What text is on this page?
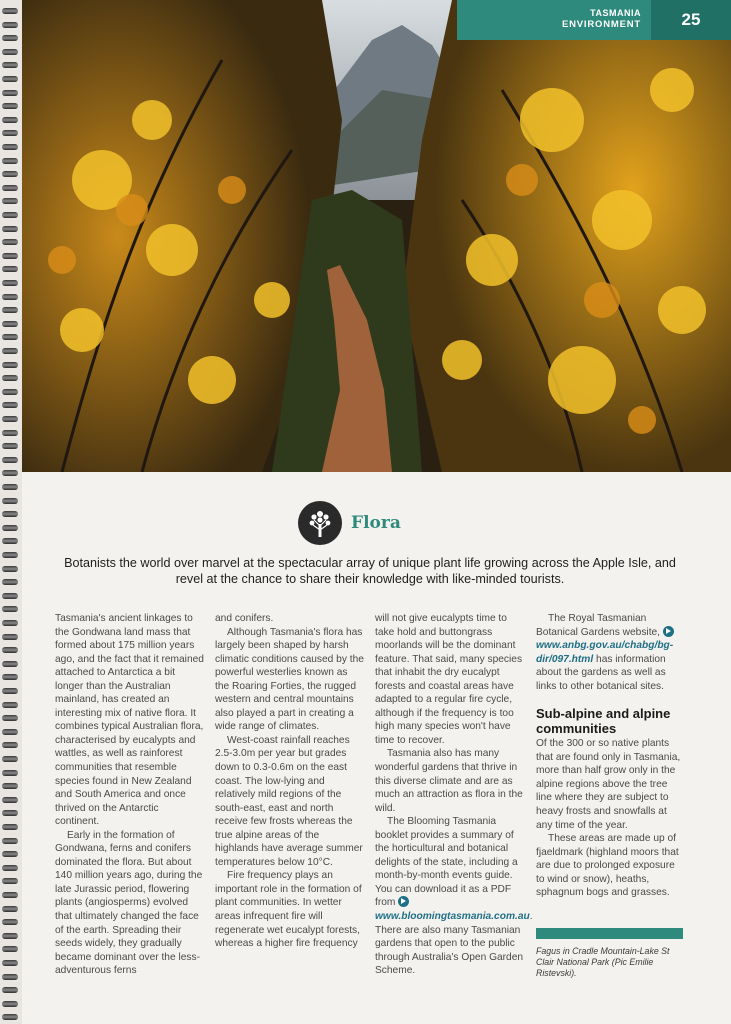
TASMANIA
ENVIRONMENT	25
Flora
Botanists the world over marvel at the spectacular array of unique plant life growing across the Apple Isle, and revel at the chance to share their knowledge with like-minded tourists.

Tasmania's ancient linkages to the Gondwana land mass that formed about 175 million years ago, and the fact that it remained attached to Antarctica a bit longer than the Australian mainland, has created an interesting mix of native flora. It combines typical Australian flora, characterised by eucalypts and wattles, as well as rainforest communities that resemble species found in New Zealand and South America and once thrived on the Antarctic continent.

Early in the formation of Gondwana, ferns and conifers dominated the flora. But about 140 million years ago, during the late Jurassic period, flowering plants (angiosperms) evolved that ultimately changed the face of the earth. Spreading their seeds widely, they gradually became dominant over the less-adventurous ferns

and conifers.

Although Tasmania's flora has largely been shaped by harsh climatic conditions caused by the powerful westerlies known as the Roaring Forties, the rugged western and central mountains also played a part in creating a wide range of climates.

West-coast rainfall reaches 2.5-3.0m per year but grades down to 0.3-0.6m on the east coast. The low-lying and relatively mild regions of the south-east, east and north receive few frosts whereas the true alpine areas of the highlands have average summer temperatures below 10°C.

Fire frequency plays an important role in the formation of plant communities. In wetter areas infrequent fire will regenerate wet eucalypt forests, whereas a higher fire frequency

will not give eucalypts time to take hold and buttongrass moorlands will be the dominant feature. That said, many species that inhabit the dry eucalypt forests and coastal areas have adapted to a regular fire cycle, although if the frequency is too high many species won't have time to recover.

Tasmania also has many wonderful gardens that thrive in this diverse climate and are as much an attraction as flora in the wild.

The Blooming Tasmania booklet provides a summary of the horticultural and botanical delights of the state, including a month-by-month events guide. You can download it as a PDF from www.bloomingtasmania.com.au. There are also many Tasmanian gardens that open to the public through Australia's Open Garden Scheme.

The Royal Tasmanian Botanical Gardens website, www.anbg.gov.au/chabg/bg-dir/097.html has information about the gardens as well as links to other botanical sites.

Sub-alpine and alpine communities

Of the 300 or so native plants that are found only in Tasmania, more than half grow only in the alpine regions above the tree line where they are subject to heavy frosts and snowfalls at any time of the year.

These areas are made up of fjaeldmark (highland moors that are due to prolonged exposure to wind or snow), heaths, sphagnum bogs and grasses.

Fagus in Cradle Mountain-Lake St Clair National Park (Pic Emilie Ristevski).
